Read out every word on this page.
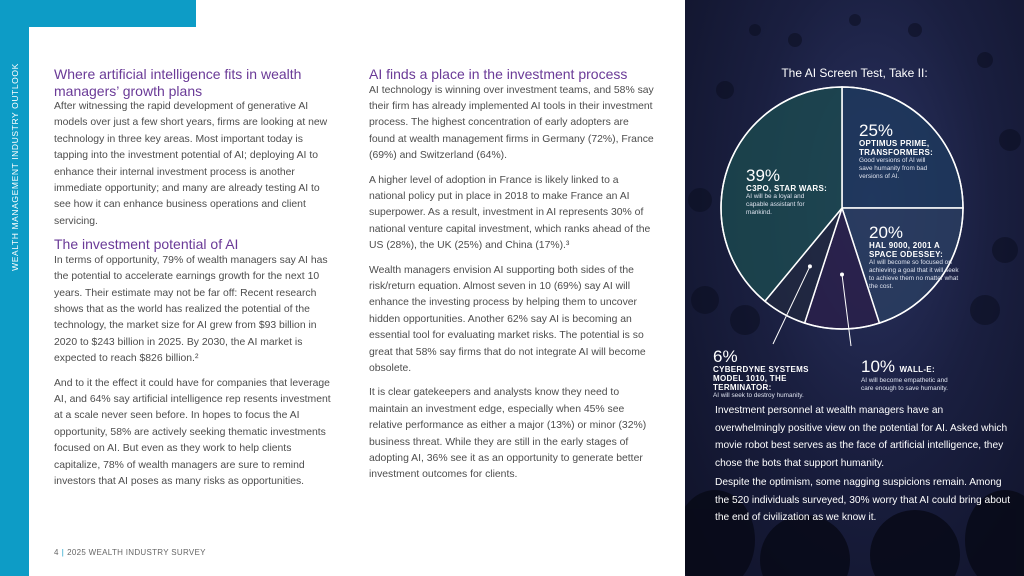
WEALTH MANAGEMENT INDUSTRY OUTLOOK Where artificial intelligence fits in wealth managers’ growth plans

After witnessing the rapid development of generative AI models over just a few short years, firms are looking at new technology in three key areas. Most important today is tapping into the investment potential of AI; deploying AI to enhance their internal investment process is another immediate opportunity; and many are already testing AI to see how it can enhance business operations and client servicing.

The investment potential of AI

In terms of opportunity, 79% of wealth managers say AI has the potential to accelerate earnings growth for the next 10 years. Their estimate may not be far off: Recent research shows that as the world has realized the potential of the technology, the market size for AI grew from $93 billion in 2020 to $243 billion in 2025. By 2030, the AI market is expected to reach $826 billion.²

And to it the effect it could have for companies that leverage AI, and 64% say artificial intelligence rep resents investment at a scale never seen before. In hopes to focus the AI opportunity, 58% are actively seeking thematic investments focused on AI. But even as they work to help clients capitalize, 78% of wealth managers are sure to remind investors that AI poses as many risks as opportunities.

AI finds a place in the investment process

AI technology is winning over investment teams, and 58% say their firm has already implemented AI tools in their investment process. The highest concentration of early adopters are found at wealth management firms in Germany (72%), France (69%) and Switzerland (64%).

A higher level of adoption in France is likely linked to a national policy put in place in 2018 to make France an AI superpower. As a result, investment in AI represents 30% of national venture capital investment, which ranks ahead of the US (28%), the UK (25%) and China (17%).³

Wealth managers envision AI supporting both sides of the risk/return equation. Almost seven in 10 (69%) say AI will enhance the investing process by helping them to uncover hidden opportunities. Another 62% say AI is becoming an essential tool for evaluating market risks. The potential is so great that 58% say firms that do not integrate AI will become obsolete.

It is clear gatekeepers and analysts know they need to maintain an investment edge, especially when 45% see relative performance as either a major (13%) or minor (32%) business threat. While they are still in the early stages of adopting AI, 36% see it as an opportunity to generate better investment outcomes for clients.

4 | 2025 WEALTH INDUSTRY SURVEY
The AI Screen Test, Take II:
25%
OPTIMUS PRIME, TRANSFORMERS:
Good versions of AI will save humanity from bad versions of AI.
20%
HAL 9000, 2001 A SPACE ODESSEY:
AI will become so focused on achieving a goal that it will seek to achieve them no matter what the cost.
10% WALL-E:
AI will become empathetic and care enough to save humanity.
6%
CYBERDYNE SYSTEMS MODEL 1010, THE TERMINATOR:
AI will seek to destroy humanity.
39%
C3PO, STAR WARS:
AI will be a loyal and capable assistant for mankind.
Investment personnel at wealth managers have an overwhelmingly positive view on the potential for AI. Asked which movie robot best serves as the face of artificial intelligence, they chose the bots that support humanity.
Despite the optimism, some nagging suspicions remain. Among the 520 individuals surveyed, 30% worry that AI could bring about the end of civilization as we know it.
